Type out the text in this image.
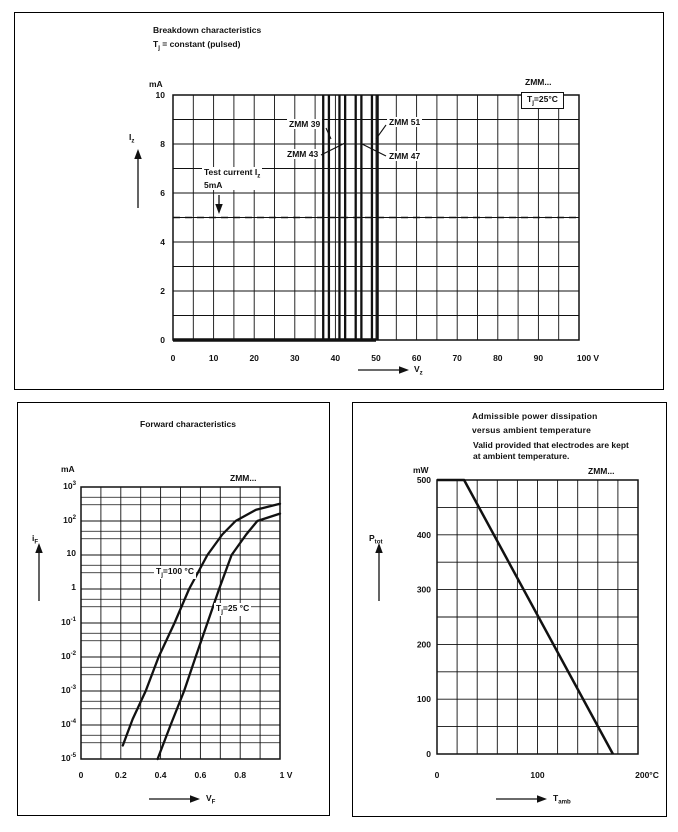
0	10	20	30	40	50	60	70	80	90	100 V
10
8
6
4
2
0
Breakdown characteristics
$T_j$ = constant (pulsed)
ZMM...
$T_j=25^\circ C$
mA
$I_z$
$V_z$
Test current $I_z$
5mA
ZMM 39
ZMM 43	ZMM 47
ZMM 51
0	0.2	0.4	0.6	0.8	1 V
Forward characteristics
ZMM...
mA
$i_F$
$V_F$
$T_j=100$ °C
$T_j=25$ °C
$10^3$
$10^2$
10
1
$10^{-1}$
$10^{-2}$
$10^{-3}$
$10^{-4}$
$10^{-5}$
0	100	200°C
500
400
300
200
100
0
Admissible power dissipation
versus ambient temperature
Valid provided that electrodes are kept
at ambient temperature.
ZMM...
mW
$P_{tot}$
$T_{amb}$
